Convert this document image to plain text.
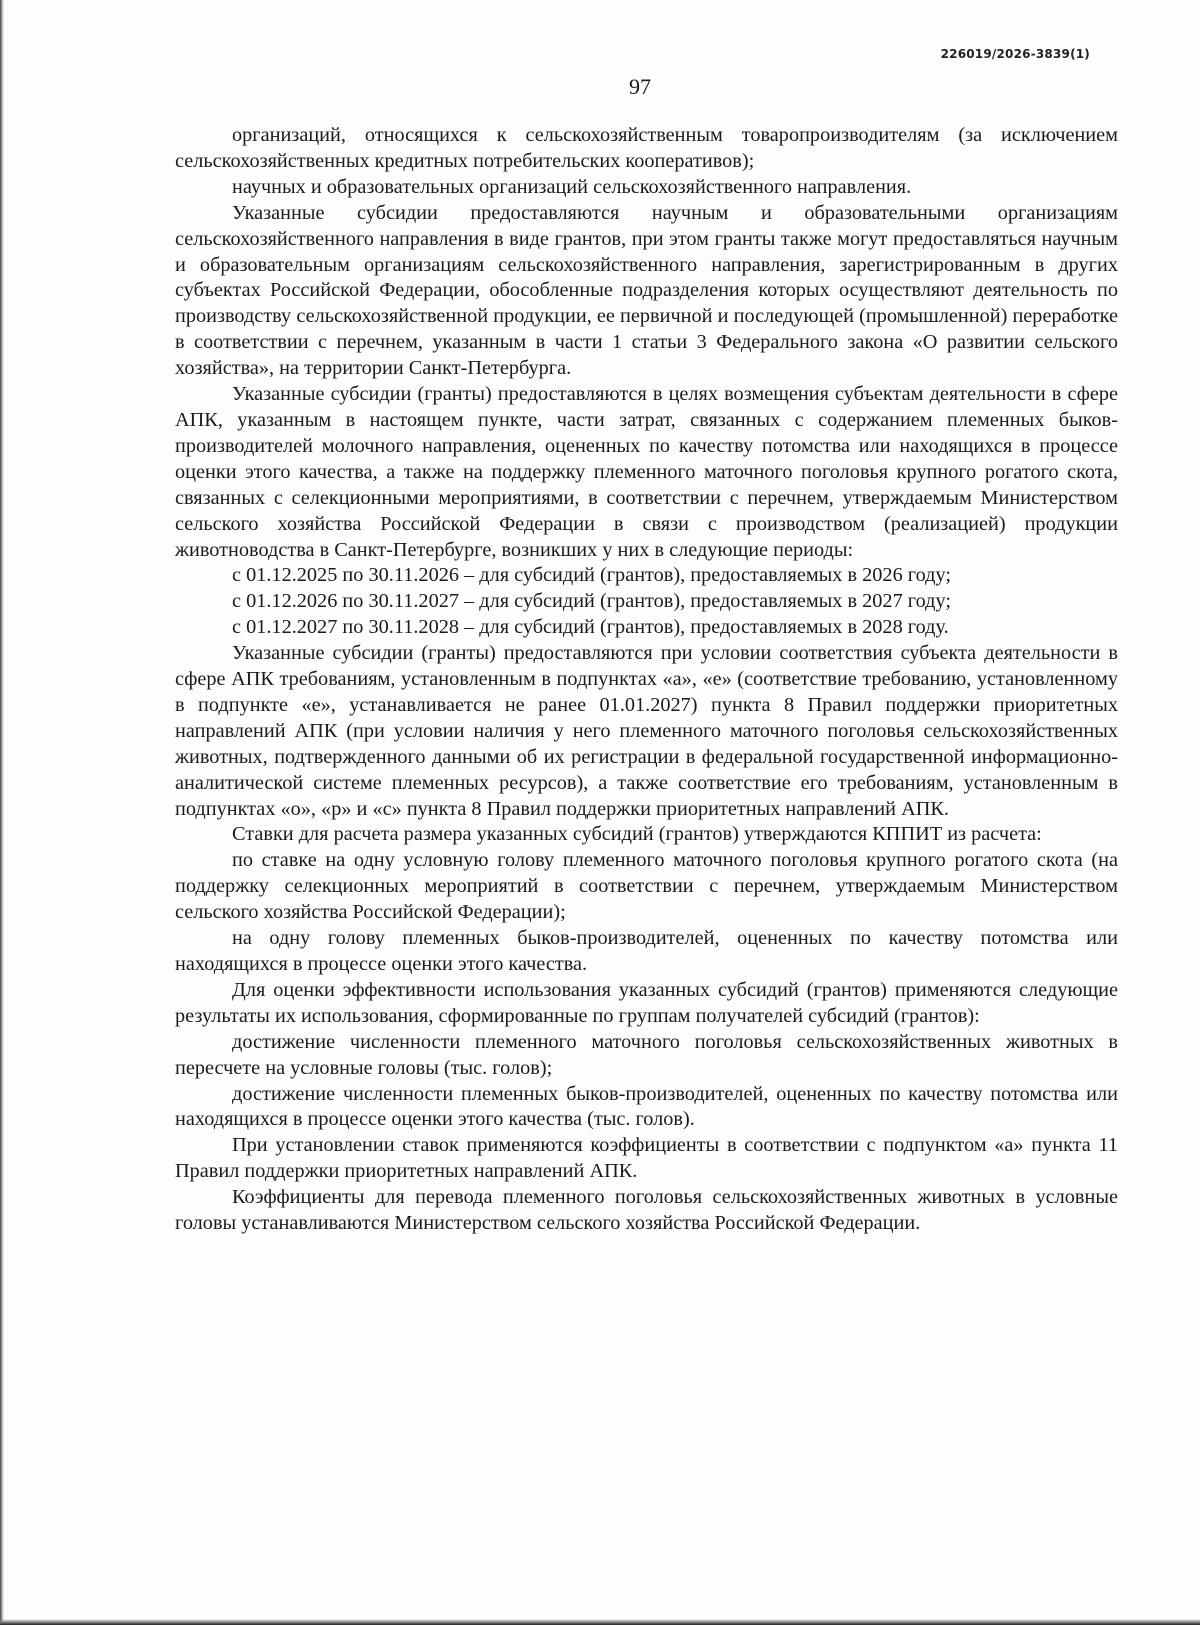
226019/2026-3839(1)
97

организаций, относящихся к сельскохозяйственным товаропроизводителям (за исключением сельскохозяйственных кредитных потребительских кооперативов);

научных и образовательных организаций сельскохозяйственного направления.

Указанные субсидии предоставляются научным и образовательными организациям сельскохозяйственного направления в виде грантов, при этом гранты также могут предоставляться научным и образовательным организациям сельскохозяйственного направления, зарегистрированным в других субъектах Российской Федерации, обособленные подразделения которых осуществляют деятельность по производству сельскохозяйственной продукции, ее первичной и последующей (промышленной) переработке в соответствии с перечнем, указанным в части 1 статьи 3 Федерального закона «О развитии сельского хозяйства», на территории Санкт-Петербурга.

Указанные субсидии (гранты) предоставляются в целях возмещения субъектам деятельности в сфере АПК, указанным в настоящем пункте, части затрат, связанных с содержанием племенных быков-производителей молочного направления, оцененных по качеству потомства или находящихся в процессе оценки этого качества, а также на поддержку племенного маточного поголовья крупного рогатого скота, связанных с селекционными мероприятиями, в соответствии с перечнем, утверждаемым Министерством сельского хозяйства Российской Федерации в связи с производством (реализацией) продукции животноводства в Санкт-Петербурге, возникших у них в следующие периоды:

с 01.12.2025 по 30.11.2026 – для субсидий (грантов), предоставляемых в 2026 году;

с 01.12.2026 по 30.11.2027 – для субсидий (грантов), предоставляемых в 2027 году;

с 01.12.2027 по 30.11.2028 – для субсидий (грантов), предоставляемых в 2028 году.

Указанные субсидии (гранты) предоставляются при условии соответствия субъекта деятельности в сфере АПК требованиям, установленным в подпунктах «а», «е» (соответствие требованию, установленному в подпункте «е», устанавливается не ранее 01.01.2027) пункта 8 Правил поддержки приоритетных направлений АПК (при условии наличия у него племенного маточного поголовья сельскохозяйственных животных, подтвержденного данными об их регистрации в федеральной государственной информационно-аналитической системе племенных ресурсов), а также соответствие его требованиям, установленным в подпунктах «о», «р» и «с» пункта 8 Правил поддержки приоритетных направлений АПК.

Ставки для расчета размера указанных субсидий (грантов) утверждаются КППИТ из расчета:

по ставке на одну условную голову племенного маточного поголовья крупного рогатого скота (на поддержку селекционных мероприятий в соответствии с перечнем, утверждаемым Министерством сельского хозяйства Российской Федерации);

на одну голову племенных быков-производителей, оцененных по качеству потомства или находящихся в процессе оценки этого качества.

Для оценки эффективности использования указанных субсидий (грантов) применяются следующие результаты их использования, сформированные по группам получателей субсидий (грантов):

достижение численности племенного маточного поголовья сельскохозяйственных животных в пересчете на условные головы (тыс. голов);

достижение численности племенных быков-производителей, оцененных по качеству потомства или находящихся в процессе оценки этого качества (тыс. голов).

При установлении ставок применяются коэффициенты в соответствии с подпунктом «а» пункта 11 Правил поддержки приоритетных направлений АПК.

Коэффициенты для перевода племенного поголовья сельскохозяйственных животных в условные головы устанавливаются Министерством сельского хозяйства Российской Федерации.
